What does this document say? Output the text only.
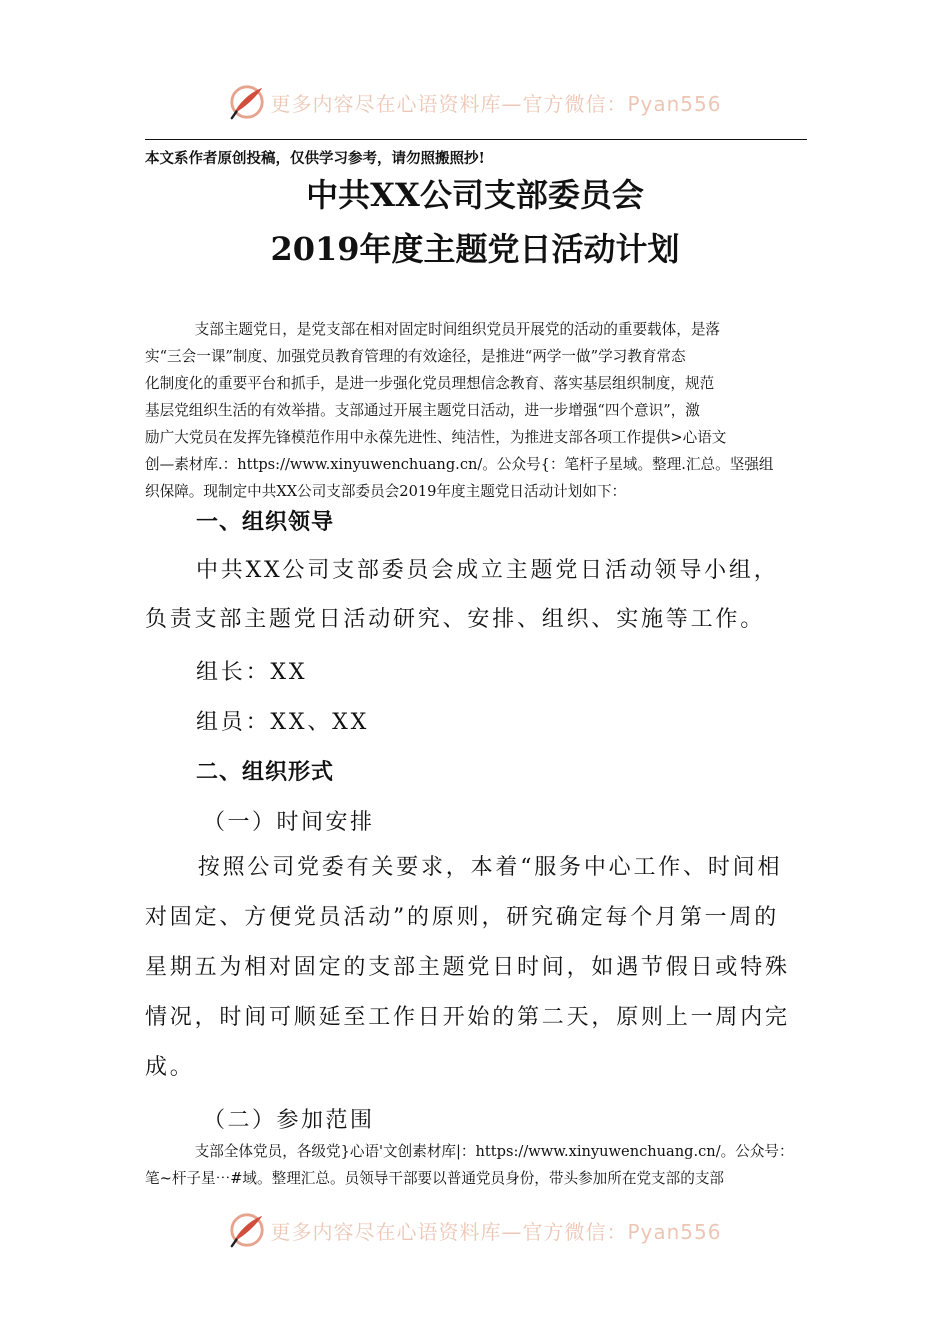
更多内容尽在心语资料库—官方微信：Pyan556
本文系作者原创投稿，仅供学习参考，请勿照搬照抄!
中共XX公司支部委员会
2019年度主题党日活动计划

支部主题党日，是党支部在相对固定时间组织党员开展党的活动的重要载体，是落

实“三会一课”制度、加强党员教育管理的有效途径，是推进“两学一做”学习教育常态

化制度化的重要平台和抓手，是进一步强化党员理想信念教育、落实基层组织制度，规范

基层党组织生活的有效举措。支部通过开展主题党日活动，进一步增强“四个意识”，激

励广大党员在发挥先锋模范作用中永葆先进性、纯洁性，为推进支部各项工作提供>心语文

创—素材库.：https://www.xinyuwenchuang.cn/。公众号{：笔杆子星域。整理.汇总。坚强组

织保障。现制定中共XX公司支部委员会2019年度主题党日活动计划如下：

一、组织领导
中共XX公司支部委员会成立主题党日活动领导小组，

负责支部主题党日活动研究、安排、组织、实施等工作。

组长：XX
组员：XX、XX
二、组织形式
（一）时间安排

按照公司党委有关要求，本着“服务中心工作、时间相

对固定、方便党员活动”的原则，研究确定每个月第一周的

星期五为相对固定的支部主题党日时间，如遇节假日或特殊

情况，时间可顺延至工作日开始的第二天，原则上一周内完

成。

（二）参加范围

支部全体党员，各级党}心语'文创素材库|：https://www.xinyuwenchuang.cn/。公众号：

笔~杆子星⋯#域。整理汇总。员领导干部要以普通党员身份，带头参加所在党支部的支部

更多内容尽在心语资料库—官方微信：Pyan556
